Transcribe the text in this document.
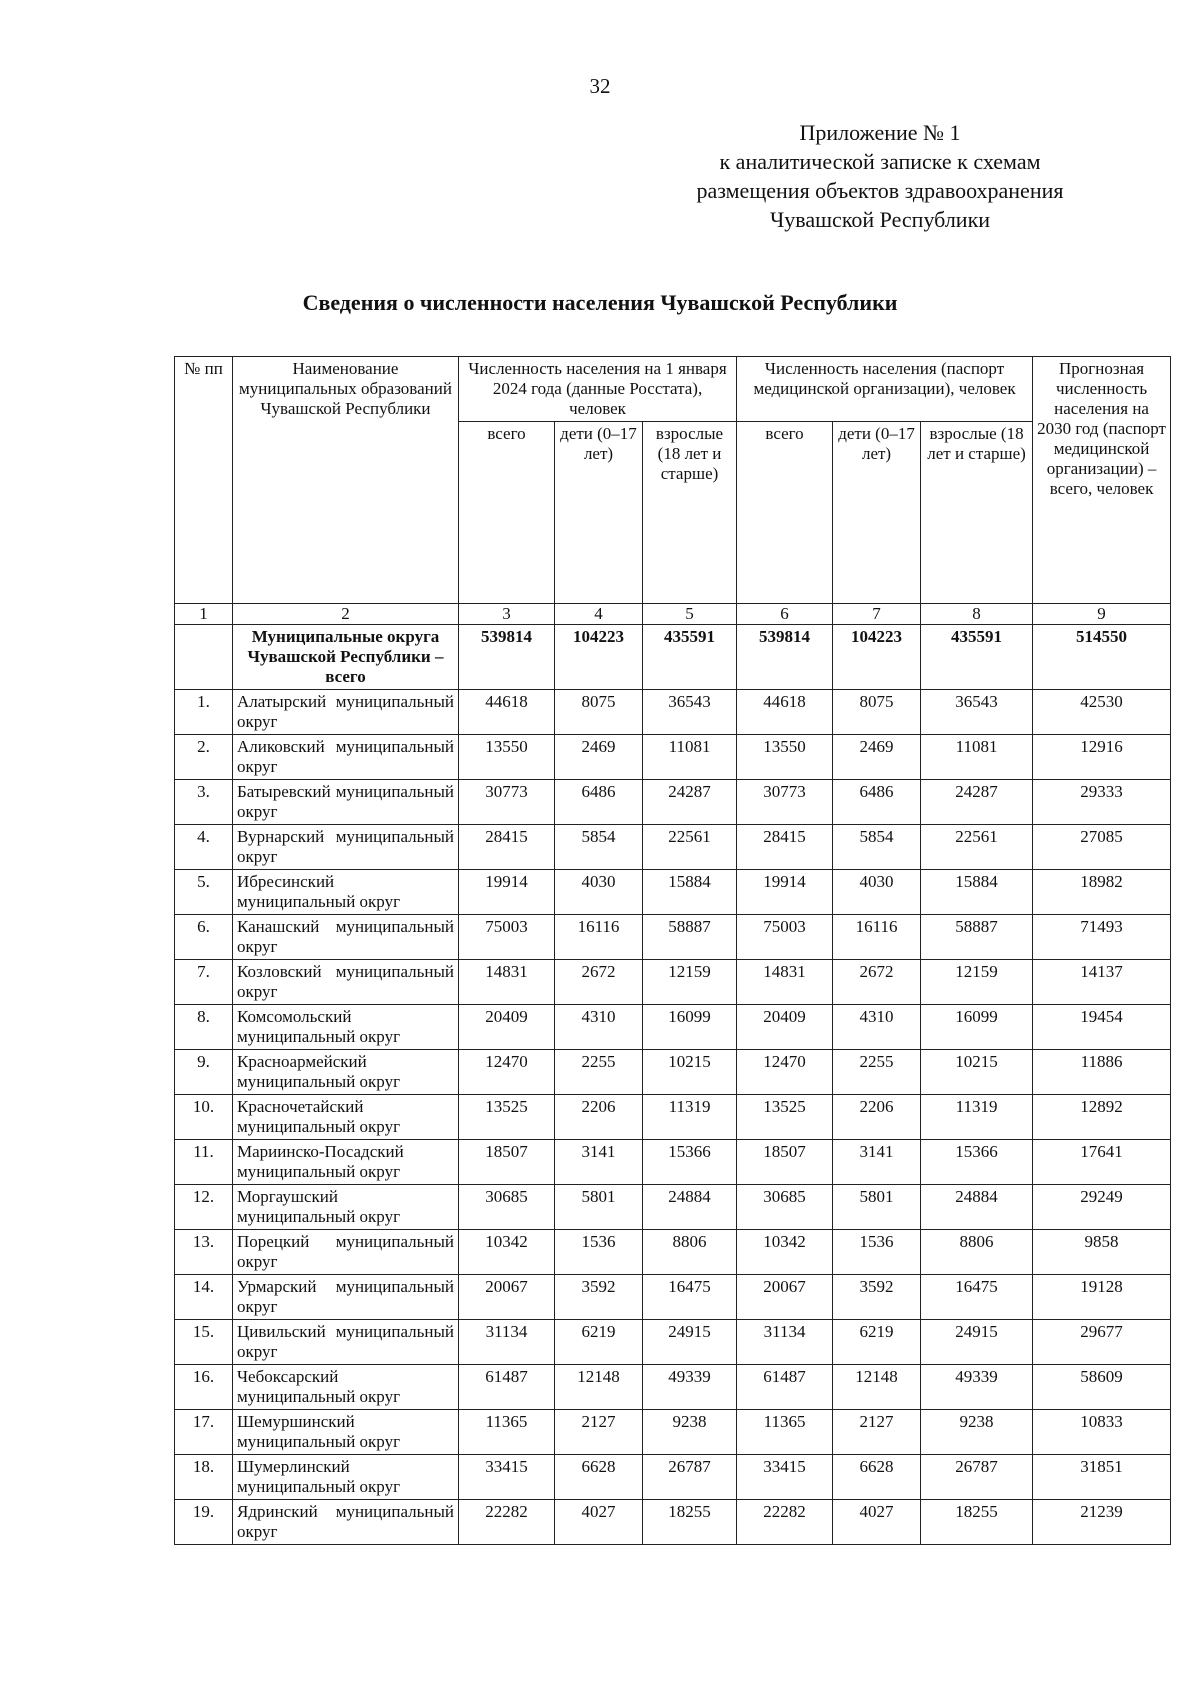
32
Приложение № 1
к аналитической записке к схемам
размещения объектов здравоохранения
Чувашской Республики
Сведения о численности населения Чувашской Республики
№ пп	Наименование муниципальных образований Чувашской Республики	Численность населения на 1 января 2024 года (данные Росстата), человек			Численность населения (паспорт медицинской организации), человек			Прогнозная численность населения на 2030 год (паспорт медицинской организации) – всего, человек
		всего	дети (0–17 лет)	взрослые (18 лет и старше)	всего	дети (0–17 лет)	взрослые (18 лет и старше)	
1	2	3	4	5	6	7	8	9
	Муниципальные округа Чувашской Республики – всего	539814	104223	435591	539814	104223	435591	514550
1.	Алатырский муниципальный округ	44618	8075	36543	44618	8075	36543	42530
2.	Аликовский муниципальный округ	13550	2469	11081	13550	2469	11081	12916
3.	Батыревский муниципальный округ	30773	6486	24287	30773	6486	24287	29333
4.	Вурнарский муниципальный округ	28415	5854	22561	28415	5854	22561	27085
5.	Ибресинский муниципальный округ	19914	4030	15884	19914	4030	15884	18982
6.	Канашский муниципальный округ	75003	16116	58887	75003	16116	58887	71493
7.	Козловский муниципальный округ	14831	2672	12159	14831	2672	12159	14137
8.	Комсомольский муниципальный округ	20409	4310	16099	20409	4310	16099	19454
9.	Красноармейский муниципальный округ	12470	2255	10215	12470	2255	10215	11886
10.	Красночетайский муниципальный округ	13525	2206	11319	13525	2206	11319	12892
11.	Мариинско-Посадский муниципальный округ	18507	3141	15366	18507	3141	15366	17641
12.	Моргаушский муниципальный округ	30685	5801	24884	30685	5801	24884	29249
13.	Порецкий муниципальный округ	10342	1536	8806	10342	1536	8806	9858
14.	Урмарский муниципальный округ	20067	3592	16475	20067	3592	16475	19128
15.	Цивильский муниципальный округ	31134	6219	24915	31134	6219	24915	29677
16.	Чебоксарский муниципальный округ	61487	12148	49339	61487	12148	49339	58609
17.	Шемуршинский муниципальный округ	11365	2127	9238	11365	2127	9238	10833
18.	Шумерлинский муниципальный округ	33415	6628	26787	33415	6628	26787	31851
19.	Ядринский муниципальный округ	22282	4027	18255	22282	4027	18255	21239
